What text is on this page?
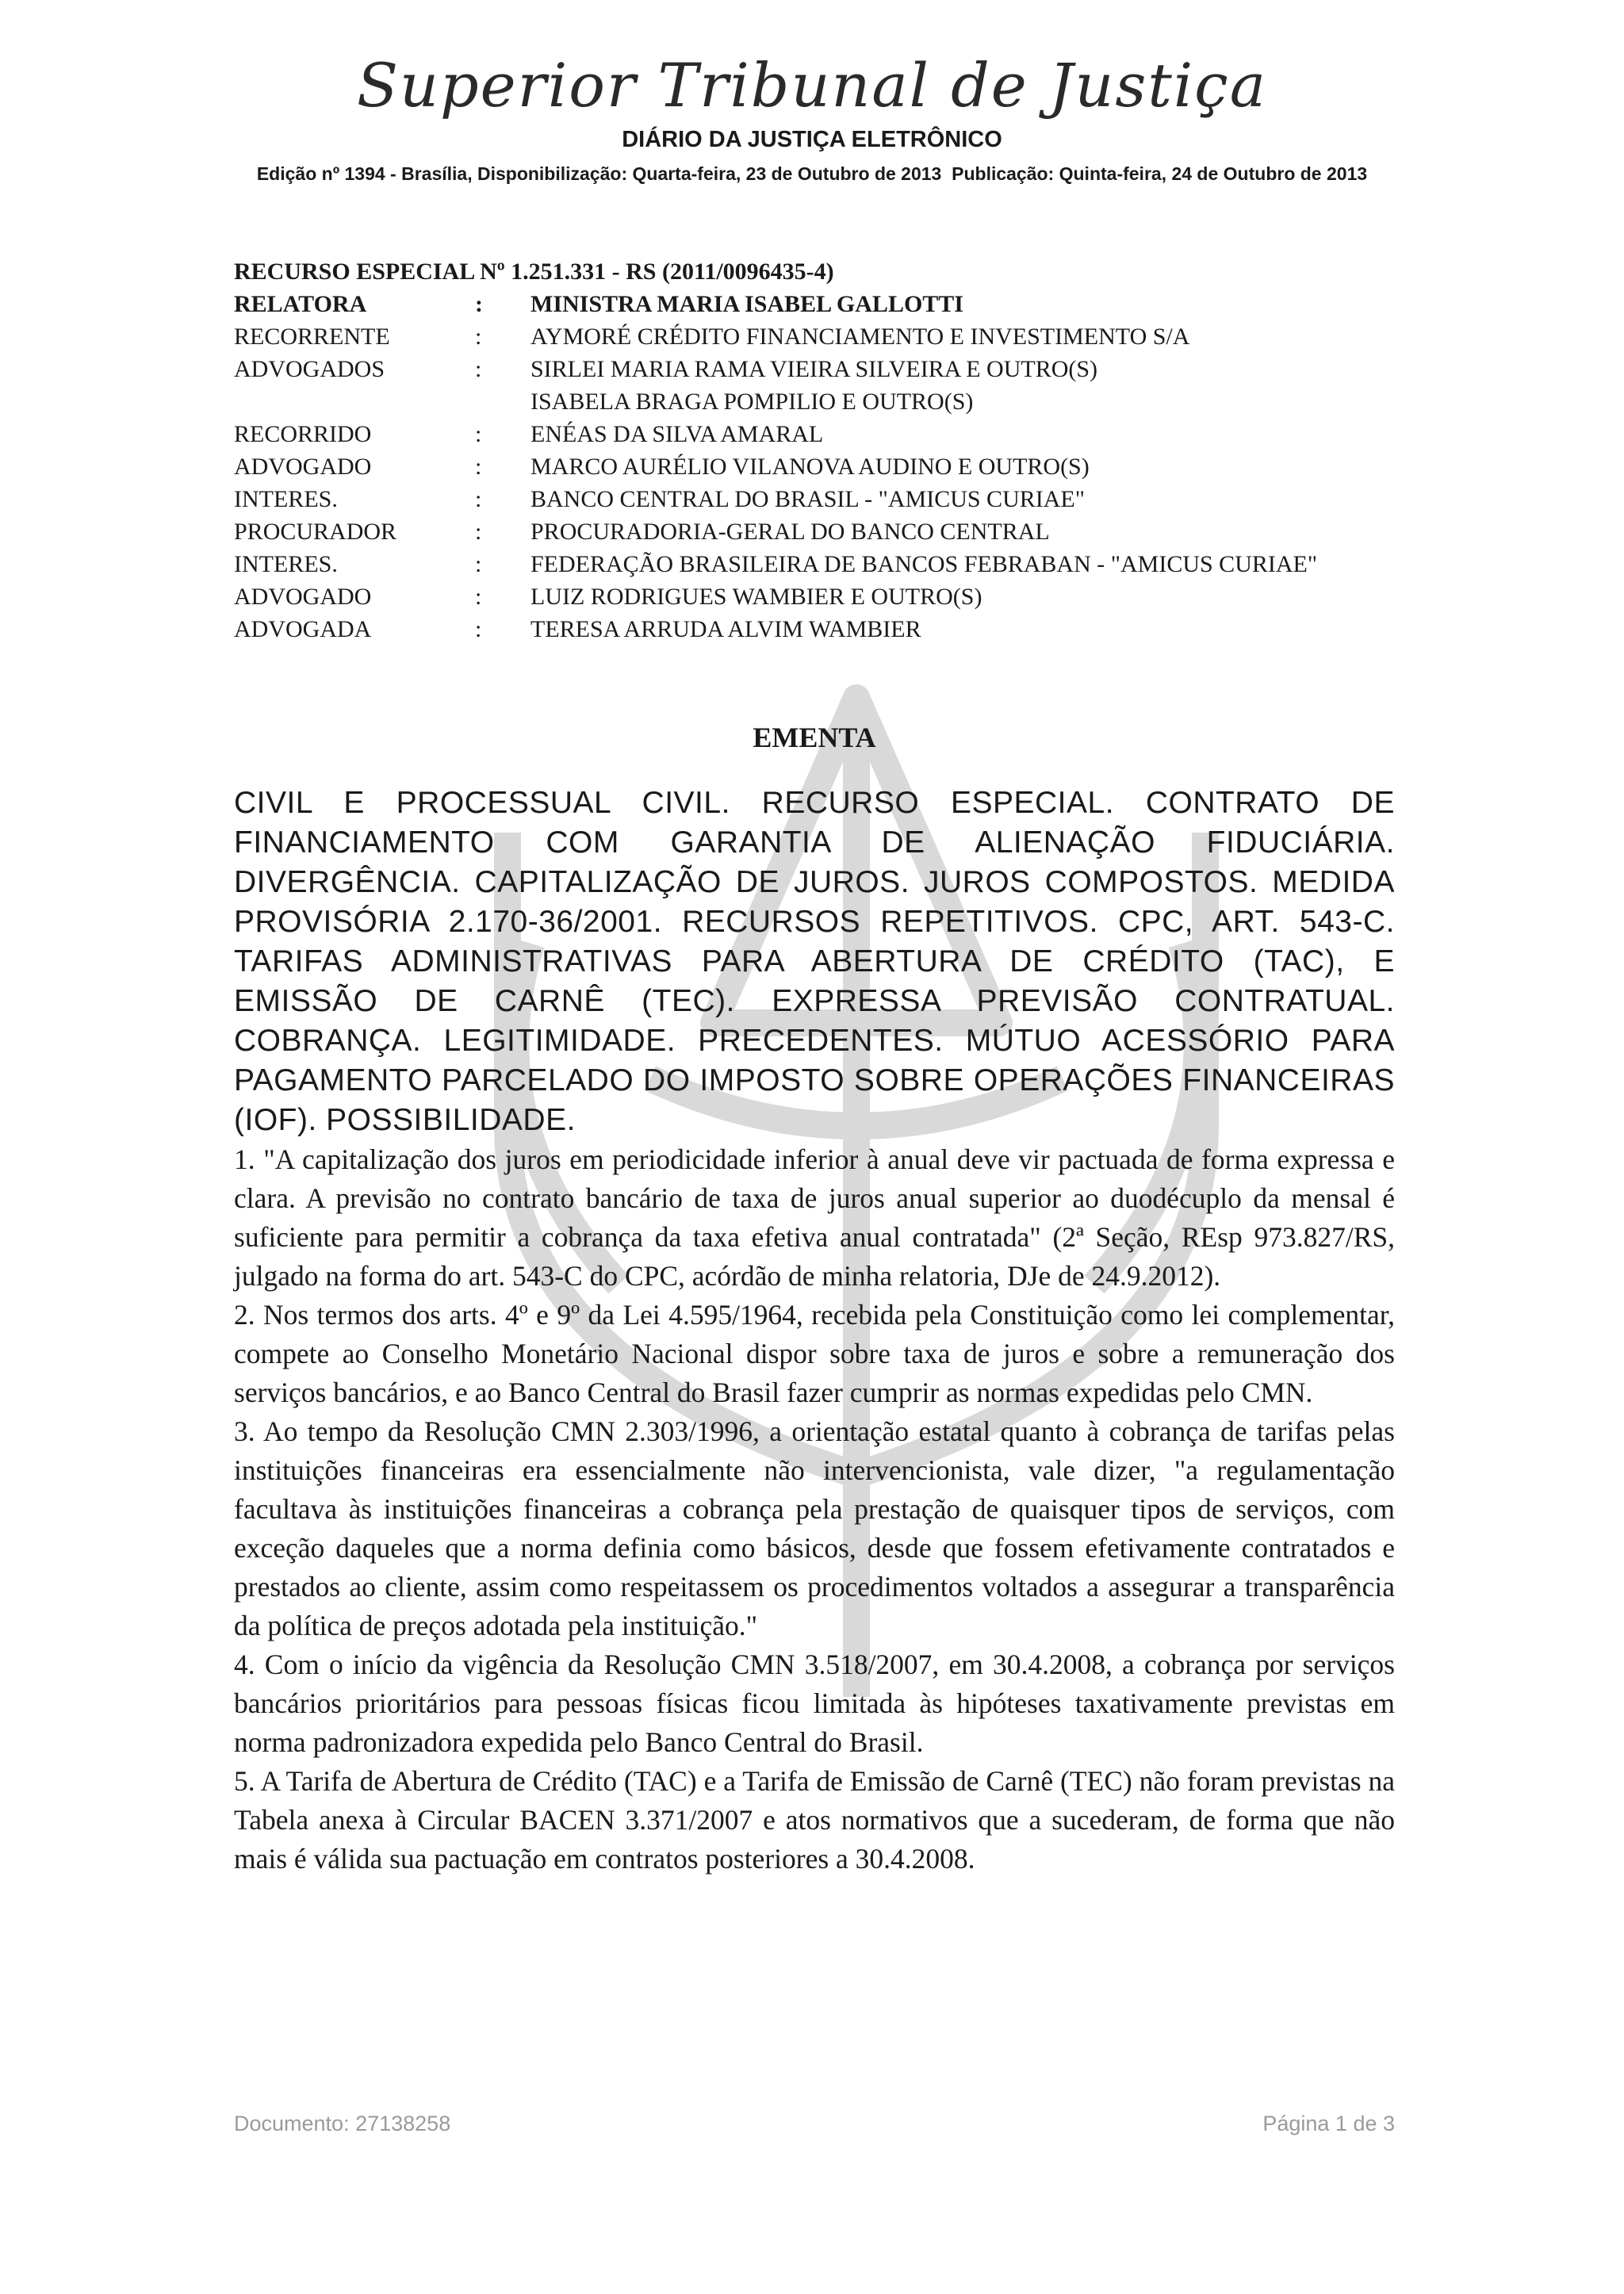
Superior Tribunal de Justiça
DIÁRIO DA JUSTIÇA ELETRÔNICO
Edição nº 1394 - Brasília, Disponibilização: Quarta-feira, 23 de Outubro de 2013 Publicação: Quinta-feira, 24 de Outubro de 2013
RECURSO ESPECIAL Nº 1.251.331 - RS (2011/0096435-4)
RELATORA	:	MINISTRA MARIA ISABEL GALLOTTI
RECORRENTE	:	AYMORÉ CRÉDITO FINANCIAMENTO E INVESTIMENTO S/A
ADVOGADOS	:	SIRLEI MARIA RAMA VIEIRA SILVEIRA E OUTRO(S)
		ISABELA BRAGA POMPILIO E OUTRO(S)
RECORRIDO	:	ENÉAS DA SILVA AMARAL
ADVOGADO	:	MARCO AURÉLIO VILANOVA AUDINO E OUTRO(S)
INTERES.	:	BANCO CENTRAL DO BRASIL - "AMICUS CURIAE"
PROCURADOR	:	PROCURADORIA-GERAL DO BANCO CENTRAL
INTERES.	:	FEDERAÇÃO BRASILEIRA DE BANCOS FEBRABAN - "AMICUS CURIAE"
ADVOGADO	:	LUIZ RODRIGUES WAMBIER E OUTRO(S)
ADVOGADA	:	TERESA ARRUDA ALVIM WAMBIER
EMENTA
CIVIL E PROCESSUAL CIVIL. RECURSO ESPECIAL. CONTRATO DE FINANCIAMENTO COM GARANTIA DE ALIENAÇÃO FIDUCIÁRIA. DIVERGÊNCIA. CAPITALIZAÇÃO DE JUROS. JUROS COMPOSTOS. MEDIDA PROVISÓRIA 2.170-36/2001. RECURSOS REPETITIVOS. CPC, ART. 543-C. TARIFAS ADMINISTRATIVAS PARA ABERTURA DE CRÉDITO (TAC), E EMISSÃO DE CARNÊ (TEC). EXPRESSA PREVISÃO CONTRATUAL. COBRANÇA. LEGITIMIDADE. PRECEDENTES. MÚTUO ACESSÓRIO PARA PAGAMENTO PARCELADO DO IMPOSTO SOBRE OPERAÇÕES FINANCEIRAS (IOF). POSSIBILIDADE.
1. "A capitalização dos juros em periodicidade inferior à anual deve vir pactuada de forma expressa e clara. A previsão no contrato bancário de taxa de juros anual superior ao duodécuplo da mensal é suficiente para permitir a cobrança da taxa efetiva anual contratada" (2ª Seção, REsp 973.827/RS, julgado na forma do art. 543-C do CPC, acórdão de minha relatoria, DJe de 24.9.2012).
2. Nos termos dos arts. 4º e 9º da Lei 4.595/1964, recebida pela Constituição como lei complementar, compete ao Conselho Monetário Nacional dispor sobre taxa de juros e sobre a remuneração dos serviços bancários, e ao Banco Central do Brasil fazer cumprir as normas expedidas pelo CMN.
3. Ao tempo da Resolução CMN 2.303/1996, a orientação estatal quanto à cobrança de tarifas pelas instituições financeiras era essencialmente não intervencionista, vale dizer, "a regulamentação facultava às instituições financeiras a cobrança pela prestação de quaisquer tipos de serviços, com exceção daqueles que a norma definia como básicos, desde que fossem efetivamente contratados e prestados ao cliente, assim como respeitassem os procedimentos voltados a assegurar a transparência da política de preços adotada pela instituição."
4. Com o início da vigência da Resolução CMN 3.518/2007, em 30.4.2008, a cobrança por serviços bancários prioritários para pessoas físicas ficou limitada às hipóteses taxativamente previstas em norma padronizadora expedida pelo Banco Central do Brasil.
5. A Tarifa de Abertura de Crédito (TAC) e a Tarifa de Emissão de Carnê (TEC) não foram previstas na Tabela anexa à Circular BACEN 3.371/2007 e atos normativos que a sucederam, de forma que não mais é válida sua pactuação em contratos posteriores a 30.4.2008.
Documento: 27138258	Página 1 de 3
